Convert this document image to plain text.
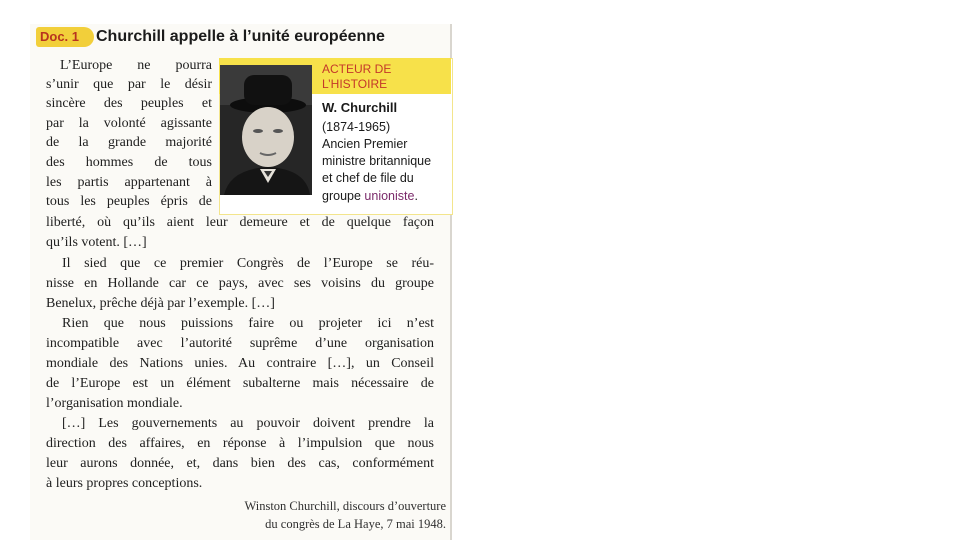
Doc. 1	Churchill appelle à l’unité européenne
ACTEUR DE
L’HISTOIRE
W. Churchill
(1874-1965)
Ancien Premier
ministre britannique
et chef de file du
groupe unioniste.
L’Europe ne pourra
s’unir que par le désir
sincère des peuples et
par la volonté agissante
de la grande majorité
des hommes de tous
les partis appartenant à
tous les peuples épris de
liberté, où qu’ils aient leur demeure et de quelque façon
qu’ils votent. […]
Il sied que ce premier Congrès de l’Europe se réu-
nisse en Hollande car ce pays, avec ses voisins du groupe
Benelux, prêche déjà par l’exemple. […]
Rien que nous puissions faire ou projeter ici n’est
incompatible avec l’autorité suprême d’une organisation
mondiale des Nations unies. Au contraire […], un Conseil
de l’Europe est un élément subalterne mais nécessaire de
l’organisation mondiale.
[…] Les gouvernements au pouvoir doivent prendre la
direction des affaires, en réponse à l’impulsion que nous
leur aurons donnée, et, dans bien des cas, conformément
à leurs propres conceptions.
Winston Churchill, discours d’ouverture
du congrès de La Haye, 7 mai 1948.
